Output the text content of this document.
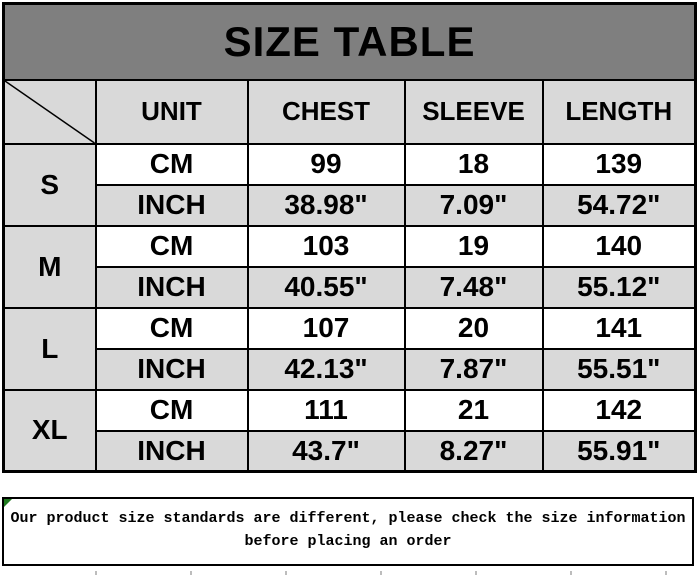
SIZE TABLE				

	UNIT	CHEST	SLEEVE	LENGTH
S	CM	99	18	139
	INCH	38.98"	7.09"	54.72"
M	CM	103	19	140
	INCH	40.55"	7.48"	55.12"
L	CM	107	20	141
	INCH	42.13"	7.87"	55.51"
XL	CM	111	21	142
	INCH	43.7"	8.27"	55.91"
Our product size standards are different, please check the size information
before placing an order
